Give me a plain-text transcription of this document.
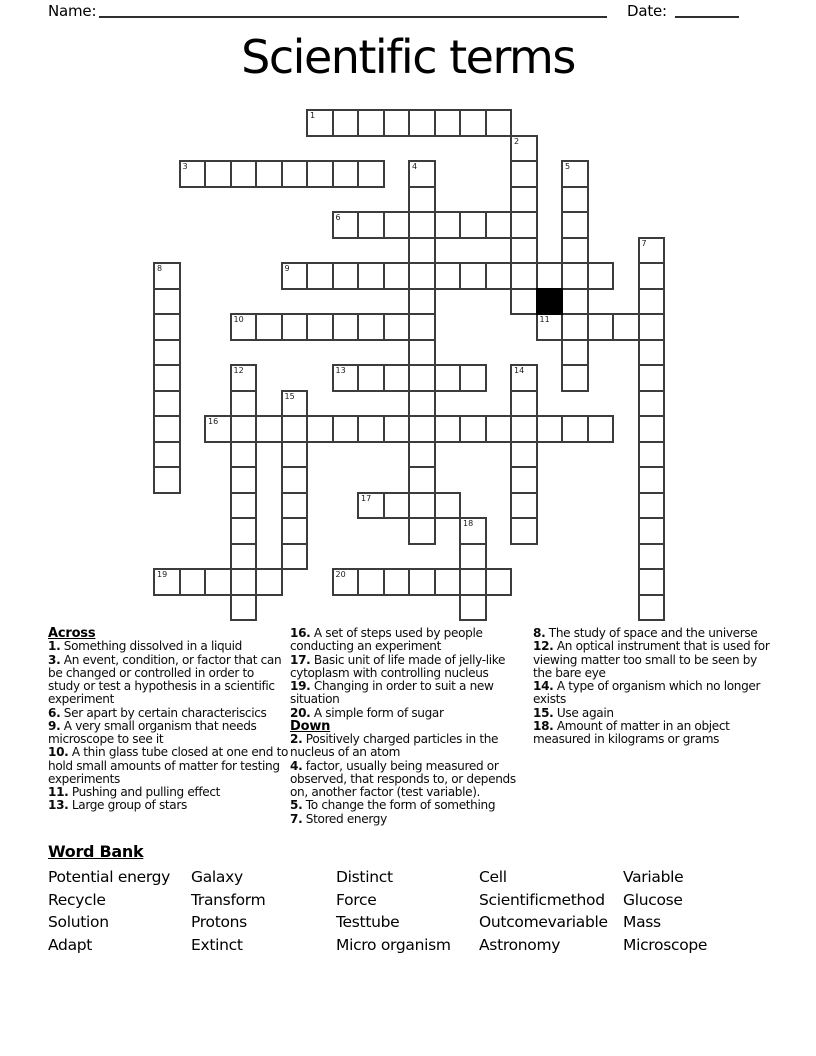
Name:	Date:
Scientific terms
1
2
3	4	5
6
7
8	9
10	11
12	13	14
15
16
17
18
19	20
Across
1. Something dissolved in a liquid
3. An event, condition, or factor that can be changed or controlled in order to study or test a hypothesis in a scientific experiment
6. Ser apart by certain characteriscics
9. A very small organism that needs microscope to see it
10. A thin glass tube closed at one end to hold small amounts of matter for testing experiments
11. Pushing and pulling effect
13. Large group of stars
16. A set of steps used by people conducting an experiment
17. Basic unit of life made of jelly-like cytoplasm with controlling nucleus
19. Changing in order to suit a new situation
20. A simple form of sugar
Down
2. Positively charged particles in the nucleus of an atom
4. factor, usually being measured or observed, that responds to, or depends on, another factor (test variable).
5. To change the form of something
7. Stored energy
8. The study of space and the universe
12. An optical instrument that is used for viewing matter too small to be seen by the bare eye
14. A type of organism which no longer exists
15. Use again
18. Amount of matter in an object measured in kilograms or grams
Word Bank
Potential energy
Recycle
Solution
Adapt
Galaxy
Transform
Protons
Extinct
Distinct
Force
Testtube
Micro organism
Cell
Scientificmethod
Outcomevariable
Astronomy
Variable
Glucose
Mass
Microscope
